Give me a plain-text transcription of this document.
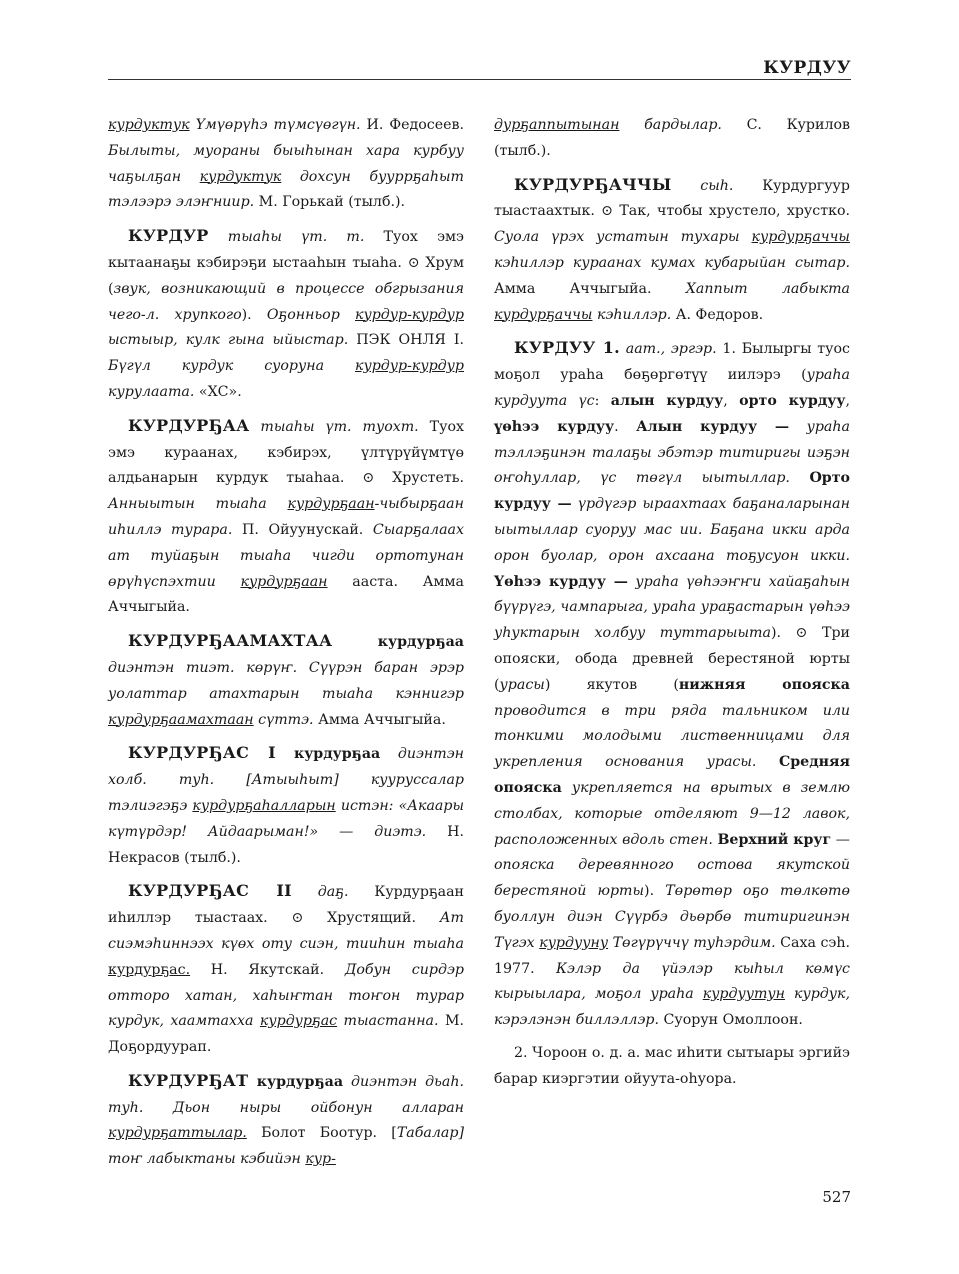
КУРДУУ

курдуктук Үмүөрүһэ түмсүөгүн. И. Федосеев. Былыты, муораны быыһынан хара курбуу чаҕылҕан курдуктук дохсун бууррҕаһыт тэлээрэ элэҥниир. М. Горькай (тылб.).

КУРДУР тыаһы үт. т. Туох эмэ кытаанаҕы кэбирэҕи ыстааһын тыаһа. ⊙ Хрум (звук, возникающий в процессе обгрызания чего-л. хрупкого). Оҕонньор курдур-курдур ыстыыр, кулк гына ыйыстар. ПЭК ОНЛЯ I. Бүгүл курдук суоруна курдур-курдур курулаата. «ХС».

КУРДУРҔАА тыаһы үт. туохт. Туох эмэ кураанах, кэбирэх, үлтүрүйүмтүө алдьанарын курдук тыаһаа. ⊙ Хрустеть. Анныытын тыаһа курдурҕаан-чыбырҕаан иһиллэ турара. П. Ойуунускай. Сыарҕалаах ат туйаҕын тыаһа чигди ортотунан өрүһүспэхтии курдурҕаан ааста. Амма Аччыгыйа.

КУРДУРҔААМАХТАА курдурҕаа диэнтэн тиэт. көрүҥ. Сүүрэн баран эрэр уолаттар атахтарын тыаһа кэннигэр курдурҕаамахтаан сүттэ. Амма Аччыгыйа.

КУРДУРҔАС I курдурҕаа диэнтэн холб. туһ. [Атыыһыт] куурусcалар тэлиэгэҕэ курдурҕаһалларын истэн: «Акаары күтүрдэр! Айдаарыман!» — диэтэ. Н. Некрасов (тылб.).

КУРДУРҔАС II даҕ. Курдурҕаан иһиллэр тыастаах. ⊙ Хрустящий. Ат сиэмэһиннээх күөх оту сиэн, тииһин тыаһа курдурҕас. Н. Якутскай. Добун сирдэр отторо хатан, хаһыҥтан тоҥон турар курдук, хаамтахха курдурҕас тыастанна. М. Доҕордуурап.

КУРДУРҔАТ курдурҕаа диэнтэн дьаһ. туһ. Дьон ныры ойбонун алларан курдурҕаттылар. Болот Боотур. [Табалар] тоҥ лабыктаны кэбийэн кур-

дурҕаппытынан бардылар. С. Курилов (тылб.).

КУРДУРҔАЧЧЫ сыһ. Курдургуур тыастаахтык. ⊙ Так, чтобы хрустело, хрустко. Суола үрэх устатын тухары курдурҕаччы кэһиллэр кураанах кумах кубарыйан сытар. Амма Аччыгыйа. Хаппыт лабыкта курдурҕаччы кэһиллэр. А. Федоров.

КУРДУУ 1. аат., эргэр. 1. Былыргы туос моҕол ураһа бөҕөргөтүү иилэрэ (ураһа курдуута үс: алын курдуу, орто курдуу, үөһээ курдуу. Алын курдуу — ураһа тэллэҕинэн талаҕы эбэтэр титиригы иэҕэн оҥоһуллар, үс төгүл ыытыллар. Орто курдуу — үрдүгэр ыраахтаах баҕаналарынан ыытыллар суоруу мас ии. Баҕана икки арда орон буолар, орон ахсаана тоҕусуон икки. Үөһээ курдуу — ураһа үөһээҥҥи хайаҕаһын бүүрүгэ, чампарыга, ураһа ураҕастарын үөһээ уһуктарын холбуу туттарыыта). ⊙ Три опояски, обода древней берестяной юрты (урасы) якутов (нижняя опояска проводится в три ряда тальником или тонкими молодыми лиственницами для укрепления основания урасы. Средняя опояска укрепляется на врытых в землю столбах, которые отделяют 9—12 лавок, расположенных вдоль стен. Верхний круг — опояска деревянного остова якутской берестяной юрты). Төрөтөр оҕо төлкөтө буоллун диэн Сүүрбэ дьөрбө титиригинэн Түгэх курдууну Төгүрүччү туһэрдим. Саха сэһ. 1977. Кэлэр да үйэлэр кыһыл көмүс кырыылара, моҕол ураһа курдуутун курдук, кэрэлэнэн биллэллэр. Суорун Омоллоон.

2. Чороон о. д. а. мас иһити сытыары эргийэ барар киэргэтии ойуута-оһуора.

527
